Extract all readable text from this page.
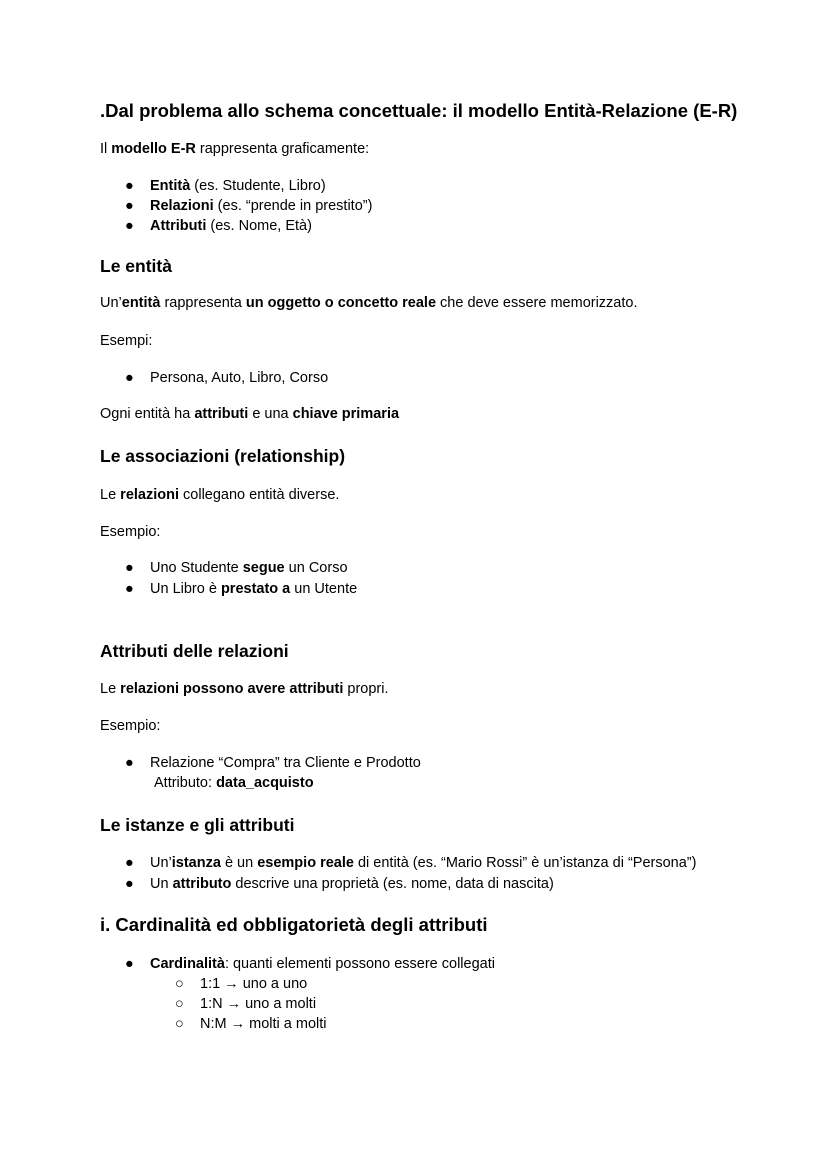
.Dal problema allo schema concettuale: il modello Entità-Relazione (E-R)
Il modello E-R rappresenta graficamente:
● Entità (es. Studente, Libro)
● Relazioni (es. “prende in prestito”)
● Attributi (es. Nome, Età)
Le entità
Un’entità rappresenta un oggetto o concetto reale che deve essere memorizzato.
Esempi:
● Persona, Auto, Libro, Corso
Ogni entità ha attributi e una chiave primaria
Le associazioni (relationship)
Le relazioni collegano entità diverse.
Esempio:
● Uno Studente segue un Corso
● Un Libro è prestato a un Utente
Attributi delle relazioni
Le relazioni possono avere attributi propri.
Esempio:
● Relazione “Compra” tra Cliente e Prodotto
Attributo: data_acquisto
Le istanze e gli attributi
● Un’istanza è un esempio reale di entità (es. “Mario Rossi” è un’istanza di “Persona”)
● Un attributo descrive una proprietà (es. nome, data di nascita)
i. Cardinalità ed obbligatorietà degli attributi
● Cardinalità: quanti elementi possono essere collegati
○ 1:1 → uno a uno
○ 1:N → uno a molti
○ N:M → molti a molti
